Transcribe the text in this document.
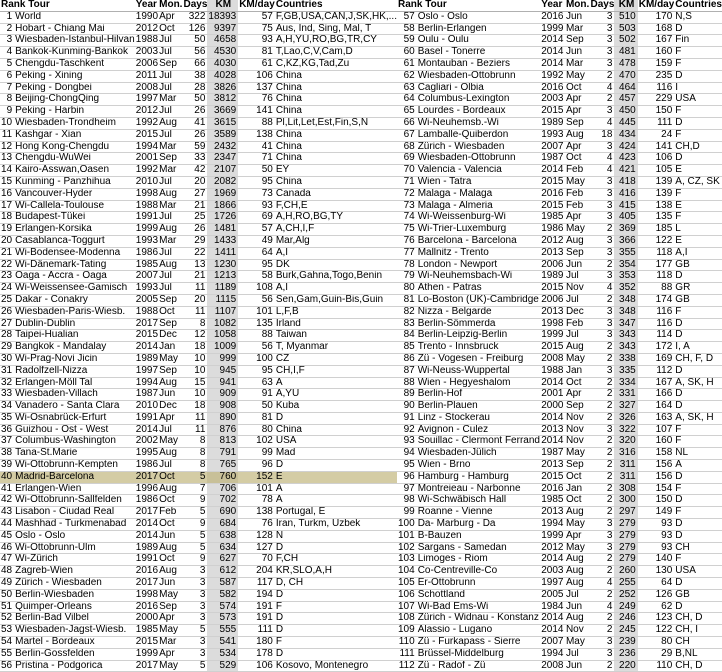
Rank Tour		Year	Mon.	Days	KM	KM/day	Countries
1	World	1990	Apr	322	18393	57	F,GB,USA,CAN,J,SK,HK,...
2	Hobart - Chiang Mai	2012	Oct	126	9397	75	Aus, Ind, Sing, Mal, T
3	Wiesbaden-Istanbul-Hilvan	1988	Jul	50	4658	93	A,H,YU,RO,BG,TR,CY
4	Bankok-Kunming-Bankok	2003	Jul	56	4530	81	T,Lao,C,V,Cam,D
5	Chengdu-Taschkent	2006	Sep	66	4030	61	C,KZ,KG,Tad,Zu
6	Peking - Xining	2011	Jul	38	4028	106	China
7	Peking - Dongbei	2008	Jul	28	3826	137	China
8	Beijing-ChongQing	1997	Mar	50	3812	76	China
9	Peking - Harbin	2012	Jul	26	3669	141	China
10	Wiesbaden-Trondheim	1992	Aug	41	3615	88	Pl,Lit,Let,Est,Fin,S,N
11	Kashgar - Xian	2015	Jul	26	3589	138	China
12	Hong Kong-Chengdu	1994	Mar	59	2432	41	China
13	Chengdu-WuWei	2001	Sep	33	2347	71	China
14	Kairo-Asswan,Oasen	1992	Mar	42	2107	50	EY
15	Kunming - Panzhihua	2010	Jul	20	2082	95	China
16	Vancouver-Hyder	1998	Aug	27	1969	73	Canada
17	Wi-Callela-Toulouse	1988	Mar	21	1866	93	F,CH,E
18	Budapest-Tükei	1991	Jul	25	1726	69	A,H,RO,BG,TY
19	Erlangen-Korsika	1999	Aug	26	1481	57	A,CH,I,F
20	Casablanca-Toggurt	1993	Mar	29	1433	49	Mar,Alg
21	Wi-Bodensee-Modenna	1986	Jul	22	1411	64	A,I
22	Wi-Dänemark-Tating	1985	Aug	13	1230	95	DK
23	Oaga - Accra - Oaga	2007	Jul	21	1213	58	Burk,Gahna,Togo,Benin
24	Wi-Weissensee-Gamisch	1993	Jul	11	1189	108	A,I
25	Dakar - Conakry	2005	Sep	20	1115	56	Sen,Gam,Guin-Bis,Guin
26	Wiesbaden-Paris-Wiesb.	1988	Oct	11	1107	101	L,F,B
27	Dublin-Dublin	2017	Sep	8	1082	135	Irland
28	Taipei-Hualian	2015	Dec	12	1058	88	Taiwan
29	Bangkok - Mandalay	2014	Jan	18	1009	56	T, Myanmar
30	Wi-Prag-Novi Jicin	1989	May	10	999	100	CZ
31	Radolfzell-Nizza	1997	Sep	10	945	95	CH,I,F
32	Erlangen-Möll Tal	1994	Aug	15	941	63	A
33	Wiesbaden-Villach	1987	Jun	10	909	91	A,YU
34	Vanadero - Santa Clara	2010	Dec	18	908	50	Kuba
35	Wi-Osnabrück-Erfurt	1991	Apr	11	890	81	D
36	Guizhou - Ost - West	2014	Jul	11	876	80	China
37	Columbus-Washington	2002	May	8	813	102	USA
38	Tana-St.Marie	1995	Aug	8	791	99	Mad
39	Wi-Ottobrunn-Kempten	1986	Jul	8	765	96	D
40	Madrid-Barcelona	2017	Oct	5	760	152	E
41	Erlangen-Wien	1996	Aug	7	706	101	A
42	Wi-Ottobrunn-Sallfelden	1986	Oct	9	702	78	A
43	Lisabon - Ciudad Real	2017	Feb	5	690	138	Portugal, E
44	Mashhad - Turkmenabad	2014	Oct	9	684	76	Iran, Turkm, Uzbek
45	Oslo - Oslo	2014	Jun	5	638	128	N
46	Wi-Ottobrunn-Ulm	1989	Aug	5	634	127	D
47	Wi-Zürich	1991	Oct	9	627	70	F,CH
48	Zagreb-Wien	2016	Aug	3	612	204	KR,SLO,A,H
49	Zürich - Wiesbaden	2017	Jun	3	587	117	D, CH
50	Berlin-Wiesbaden	1998	May	3	582	194	D
51	Quimper-Orleans	2016	Sep	3	574	191	F
52	Berlin-Bad Vilbel	2000	Apr	3	573	191	D
53	Wiesbaden-Jagst-Wiesb.	1985	May	5	555	111	D
54	Martel - Bordeaux	2015	Mar	3	541	180	F
55	Berlin-Gossfelden	1999	Apr	3	534	178	D
56	Pristina - Podgorica	2017	May	5	529	106	Kosovo, Montenegro
Rank Tour		Year	Mon.	Days	KM	KM/day	Countries
57	Oslo - Oslo	2016	Jun	3	510	170	N,S
58	Berlin-Erlangen	1999	Mar	3	503	168	D
59	Oulu - Oulu	2014	Sep	3	502	167	Fin
60	Basel - Tonerre	2014	Jun	3	481	160	F
61	Montauban - Beziers	2014	Mar	3	478	159	F
62	Wiesbaden-Ottobrunn	1992	May	2	470	235	D
63	Cagliari - Olbia	2016	Oct	4	464	116	I
64	Columbus-Lexington	2003	Apr	2	457	229	USA
65	Lourdes - Bordeaux	2015	Apr	3	450	150	F
66	Wi-Neuhemsb.-Wi	1989	Sep	4	445	111	D
67	Lamballe-Quiberdon	1993	Aug	18	434	24	F
68	Zürich - Wiesbaden	2007	Apr	3	424	141	CH,D
69	Wiesbaden-Ottobrunn	1987	Oct	4	423	106	D
70	Valencia - Valencia	2014	Feb	4	421	105	E
71	Wien - Tatra	2015	May	3	418	139	A, CZ, SK
72	Malaga - Malaga	2016	Feb	3	416	139	F
73	Malaga - Almeria	2015	Feb	3	415	138	E
74	Wi-Weissenburg-Wi	1985	Apr	3	405	135	F
75	Wi-Trier-Luxemburg	1986	May	2	369	185	L
76	Barcelona - Barcelona	2012	Aug	3	366	122	E
77	Mallnitz - Trento	2013	Sep	3	355	118	A,I
78	London - Newport	2006	Jun	2	354	177	GB
79	Wi-Neuhemsbach-Wi	1989	Jul	3	353	118	D
80	Athen - Patras	2015	Nov	4	352	88	GR
81	Lo-Boston (UK)-Cambridge	2006	Jul	2	348	174	GB
82	Nizza - Belgarde	2013	Dec	3	348	116	F
83	Berlin-Sömmerda	1998	Feb	3	347	116	D
84	Berlin-Leipzig-Berlin	1999	Jul	3	343	114	D
85	Trento - Innsbruck	2015	Aug	2	343	172	I, A
86	Zü - Vogesen - Freiburg	2008	May	2	338	169	CH, F, D
87	Wi-Neuss-Wuppertal	1988	Jan	3	335	112	D
88	Wien - Hegyeshalom	2014	Oct	2	334	167	A, SK, H
89	Berlin-Hof	2001	Apr	2	331	166	D
90	Berlin-Plauen	2000	Sep	2	327	164	D
91	Linz - Stockerau	2014	Nov	2	326	163	A, SK, H
92	Avignon - Culez	2013	Nov	3	322	107	F
93	Souillac - Clermont Ferrand	2014	Nov	2	320	160	F
94	Wiesbaden-Jülich	1987	May	2	316	158	NL
95	Wien - Brno	2013	Sep	2	311	156	A
96	Hamburg - Hamburg	2015	Oct	2	311	156	D
97	Montreieau - Narbonne	2016	Jan	2	308	154	F
98	Wi-Schwäbisch Hall	1985	Oct	2	300	150	D
99	Roanne - Vienne	2013	Aug	2	297	149	F
100	Da- Marburg - Da	1994	May	3	279	93	D
101	B-Bauzen	1999	Apr	3	279	93	D
102	Sargans - Samedan	2012	May	3	279	93	CH
103	Limoges - Riom	2014	Aug	2	279	140	F
104	Co-Centreville-Co	2003	Aug	2	260	130	USA
105	Er-Ottobrunn	1997	Aug	4	255	64	D
106	Schottland	2005	Jul	2	252	126	GB
107	Wi-Bad Ems-Wi	1984	Jun	4	249	62	D
108	Zürich - Widnau - Konstanz	2014	Aug	2	246	123	CH, D
109	Alassio - Lugano	2014	Nov	2	245	122	CH, I
110	Zü - Furkapass - Sierre	2007	May	3	239	80	CH
111	Brüssel-Middelburg	1994	Jul	3	236	29	B,NL
112	Zü - Radof - Zü	2008	Jun	2	220	110	CH, D
